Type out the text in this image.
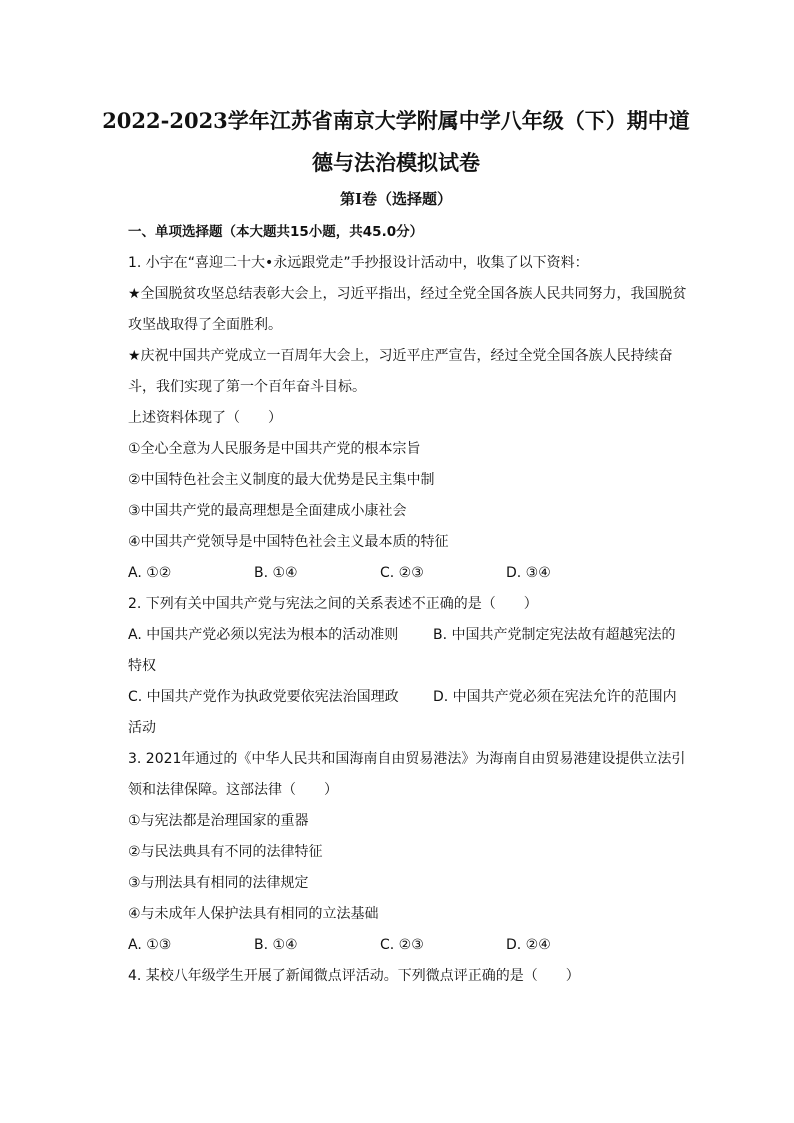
2022-2023学年江苏省南京大学附属中学八年级（下）期中道德与法治模拟试卷
第I卷（选择题）
一、单项选择题（本大题共15小题，共45.0分）
1. 小宇在“喜迎二十大•永远跟党走”手抄报设计活动中，收集了以下资料：
★全国脱贫攻坚总结表彰大会上，习近平指出，经过全党全国各族人民共同努力，我国脱贫攻坚战取得了全面胜利。
★庆祝中国共产党成立一百周年大会上，习近平庄严宣告，经过全党全国各族人民持续奋斗，我们实现了第一个百年奋斗目标。
上述资料体现了（　　）
①全心全意为人民服务是中国共产党的根本宗旨
②中国特色社会主义制度的最大优势是民主集中制
③中国共产党的最高理想是全面建成小康社会
④中国共产党领导是中国特色社会主义最本质的特征
A. ①②	B. ①④	C. ②③	D. ③④
2. 下列有关中国共产党与宪法之间的关系表述不正确的是（　　）
A. 中国共产党必须以宪法为根本的活动准则 B. 中国共产党制定宪法故有超越宪法的
特权
C. 中国共产党作为执政党要依宪法治国理政 D. 中国共产党必须在宪法允许的范围内
活动
3. 2021年通过的《中华人民共和国海南自由贸易港法》为海南自由贸易港建设提供立法引领和法律保障。这部法律（　　）
①与宪法都是治理国家的重器
②与民法典具有不同的法律特征
③与刑法具有相同的法律规定
④与未成年人保护法具有相同的立法基础
A. ①③	B. ①④	C. ②③	D. ②④
4. 某校八年级学生开展了新闻微点评活动。下列微点评正确的是（　　）
